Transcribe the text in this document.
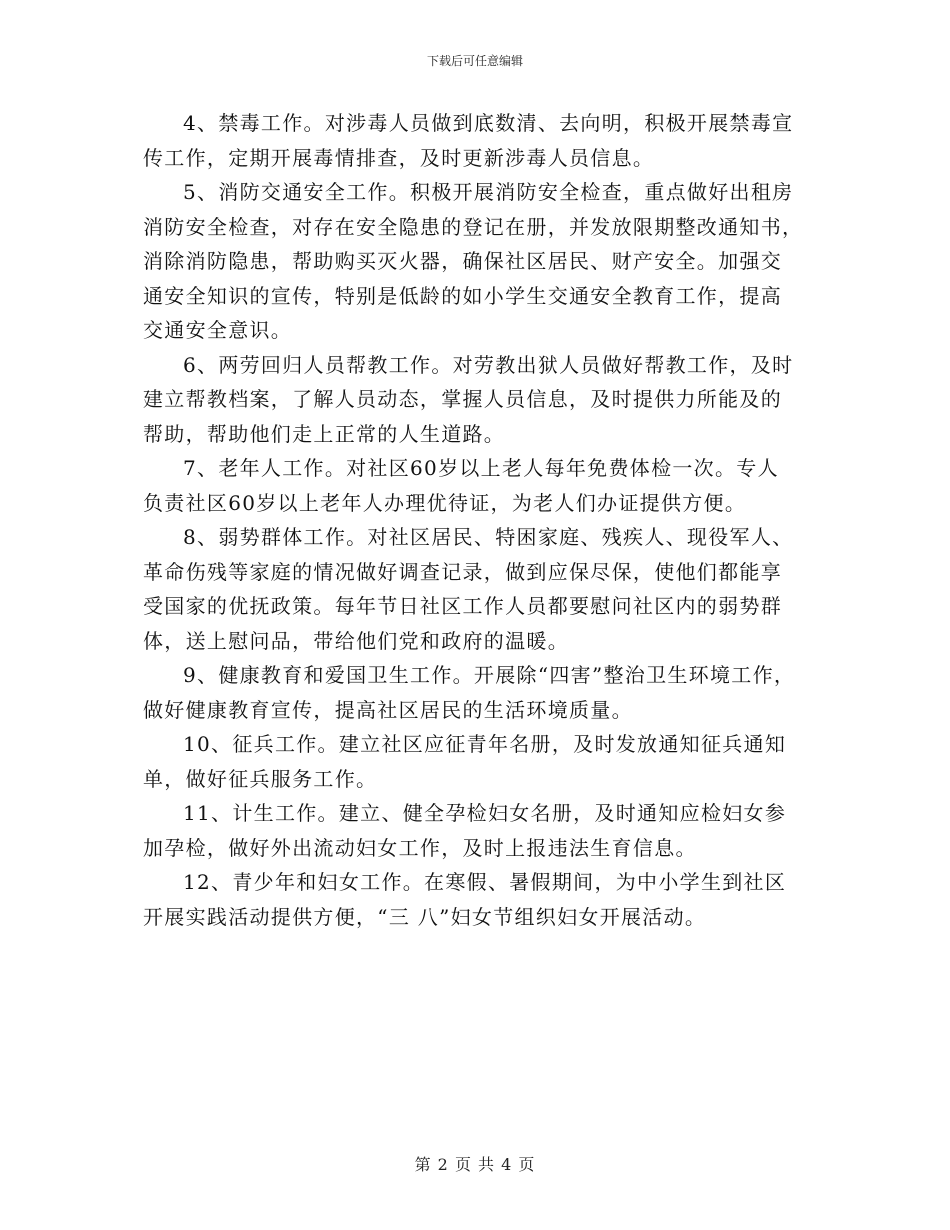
下载后可任意编辑

4、禁毒工作。对涉毒人员做到底数清、去向明，积极开展禁毒宣
传工作，定期开展毒情排查，及时更新涉毒人员信息。

5、消防交通安全工作。积极开展消防安全检查，重点做好出租房
消防安全检查，对存在安全隐患的登记在册，并发放限期整改通知书，
消除消防隐患，帮助购买灭火器，确保社区居民、财产安全。加强交
通安全知识的宣传，特别是低龄的如小学生交通安全教育工作，提高
交通安全意识。

6、两劳回归人员帮教工作。对劳教出狱人员做好帮教工作，及时
建立帮教档案，了解人员动态，掌握人员信息，及时提供力所能及的
帮助，帮助他们走上正常的人生道路。

7、老年人工作。对社区60岁以上老人每年免费体检一次。专人
负责社区60岁以上老年人办理优待证，为老人们办证提供方便。

8、弱势群体工作。对社区居民、特困家庭、残疾人、现役军人、
革命伤残等家庭的情况做好调查记录，做到应保尽保，使他们都能享
受国家的优抚政策。每年节日社区工作人员都要慰问社区内的弱势群
体，送上慰问品，带给他们党和政府的温暖。

9、健康教育和爱国卫生工作。开展除“四害”整治卫生环境工作，
做好健康教育宣传，提高社区居民的生活环境质量。

10、征兵工作。建立社区应征青年名册，及时发放通知征兵通知
单，做好征兵服务工作。

11、计生工作。建立、健全孕检妇女名册，及时通知应检妇女参
加孕检，做好外出流动妇女工作，及时上报违法生育信息。

12、青少年和妇女工作。在寒假、暑假期间，为中小学生到社区
开展实践活动提供方便，“三 八”妇女节组织妇女开展活动。

第 2 页 共 4 页
